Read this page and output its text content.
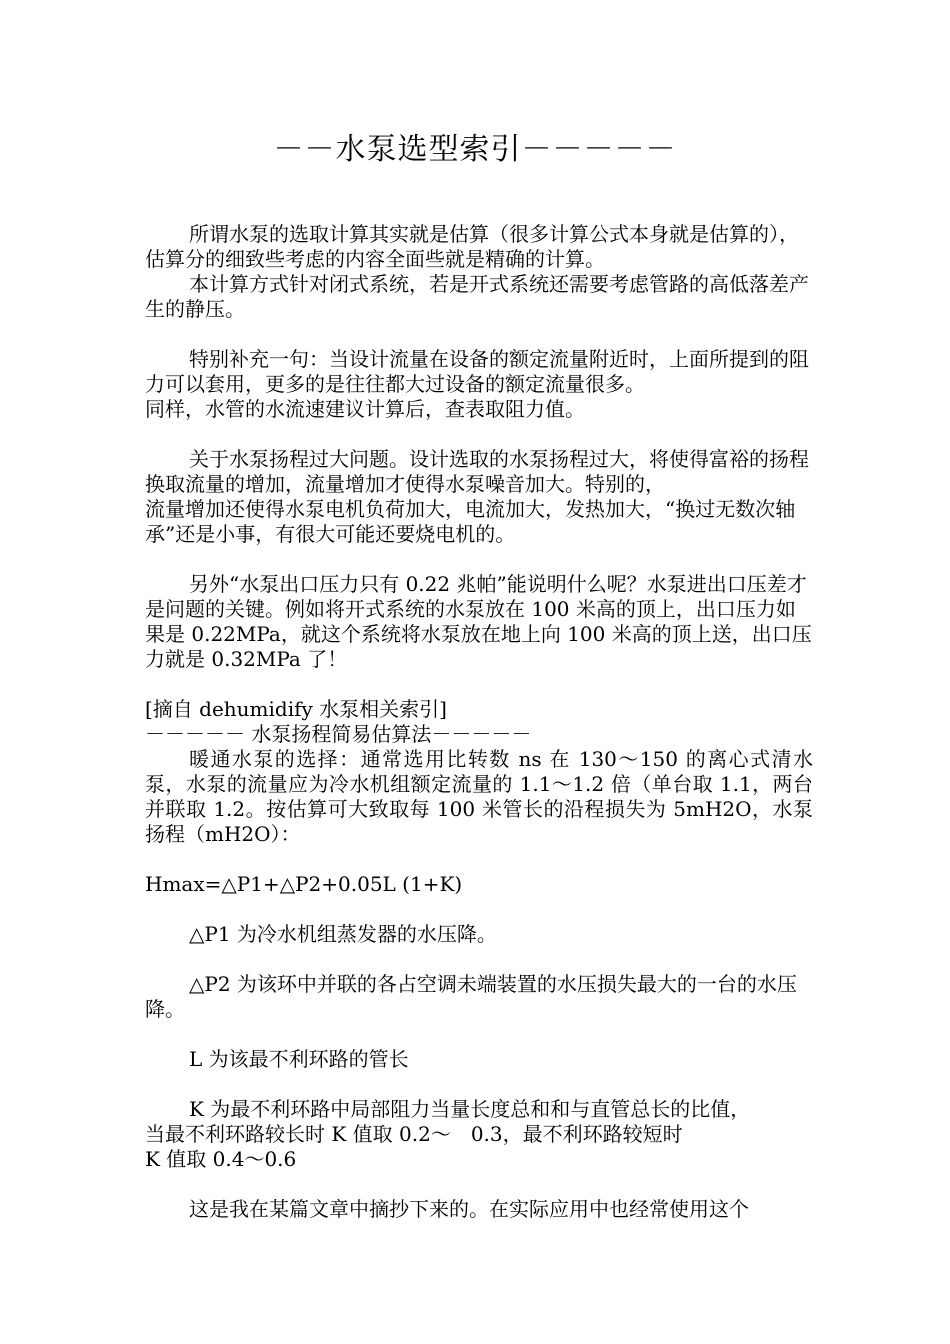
－－水泵选型索引－－－－－

所谓水泵的选取计算其实就是估算（很多计算公式本身就是估算的），估算分的细致些考虑的内容全面些就是精确的计算。

本计算方式针对闭式系统，若是开式系统还需要考虑管路的高低落差产生的静压。

特别补充一句：当设计流量在设备的额定流量附近时，上面所提到的阻力可以套用，更多的是往往都大过设备的额定流量很多。

同样，水管的水流速建议计算后，查表取阻力值。

关于水泵扬程过大问题。设计选取的水泵扬程过大，将使得富裕的扬程换取流量的增加，流量增加才使得水泵噪音加大。特别的，

流量增加还使得水泵电机负荷加大，电流加大，发热加大，“换过无数次轴承”还是小事，有很大可能还要烧电机的。

另外“水泵出口压力只有 0.22 兆帕”能说明什么呢？水泵进出口压差才是问题的关键。例如将开式系统的水泵放在 100 米高的顶上，出口压力如果是 0.22MPa，就这个系统将水泵放在地上向 100 米高的顶上送，出口压力就是 0.32MPa 了！

[摘自 dehumidify 水泵相关索引]

－－－－－ 水泵扬程简易估算法－－－－－

暖通水泵的选择：通常选用比转数 ns 在 130～150 的离心式清水泵，水泵的流量应为冷水机组额定流量的 1.1～1.2 倍（单台取 1.1，两台并联取 1.2。按估算可大致取每 100 米管长的沿程损失为 5mH2O，水泵扬程（mH2O）：

Hmax=△P1+△P2+0.05L (1+K)

△P1 为冷水机组蒸发器的水压降。

△P2 为该环中并联的各占空调未端装置的水压损失最大的一台的水压降。

L 为该最不利环路的管长

K 为最不利环路中局部阻力当量长度总和和与直管总长的比值，

当最不利环路较长时 K 值取 0.2～　0.3，最不利环路较短时

K 值取 0.4～0.6

这是我在某篇文章中摘抄下来的。在实际应用中也经常使用这个
